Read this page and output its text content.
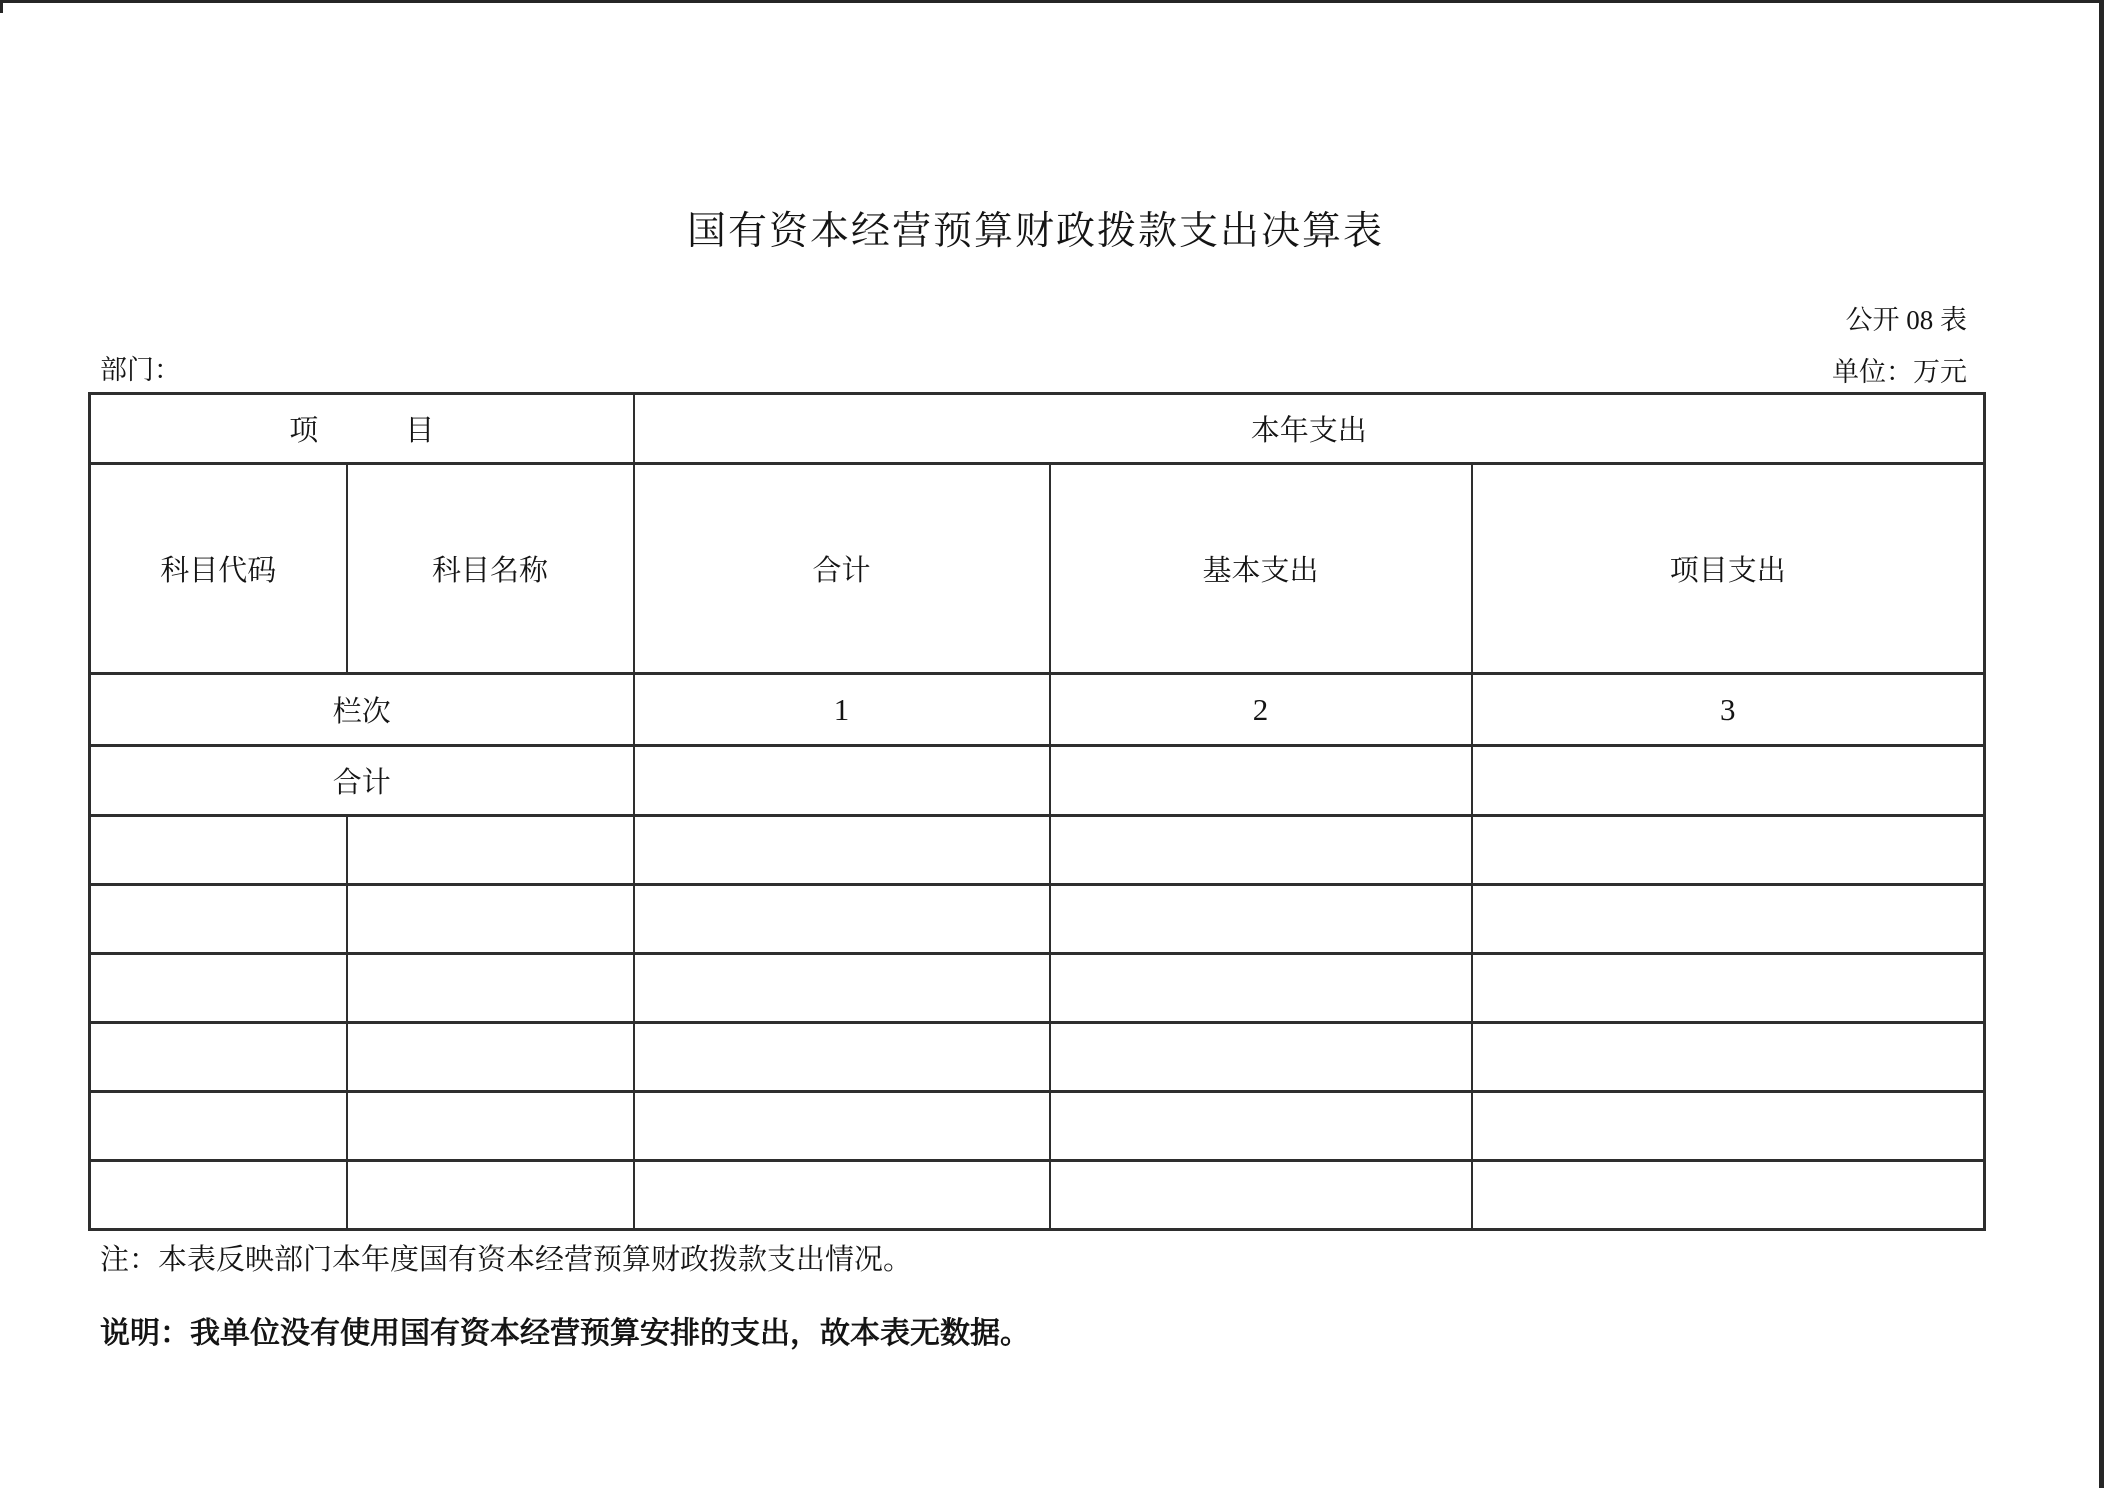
国有资本经营预算财政拨款支出决算表
公开 08 表
部门：	单位：万元
项　　　目		本年支出		
科目代码	科目名称	合计	基本支出	项目支出
栏次		1	2	3
合计				

注：本表反映部门本年度国有资本经营预算财政拨款支出情况。
说明：我单位没有使用国有资本经营预算安排的支出，故本表无数据。
